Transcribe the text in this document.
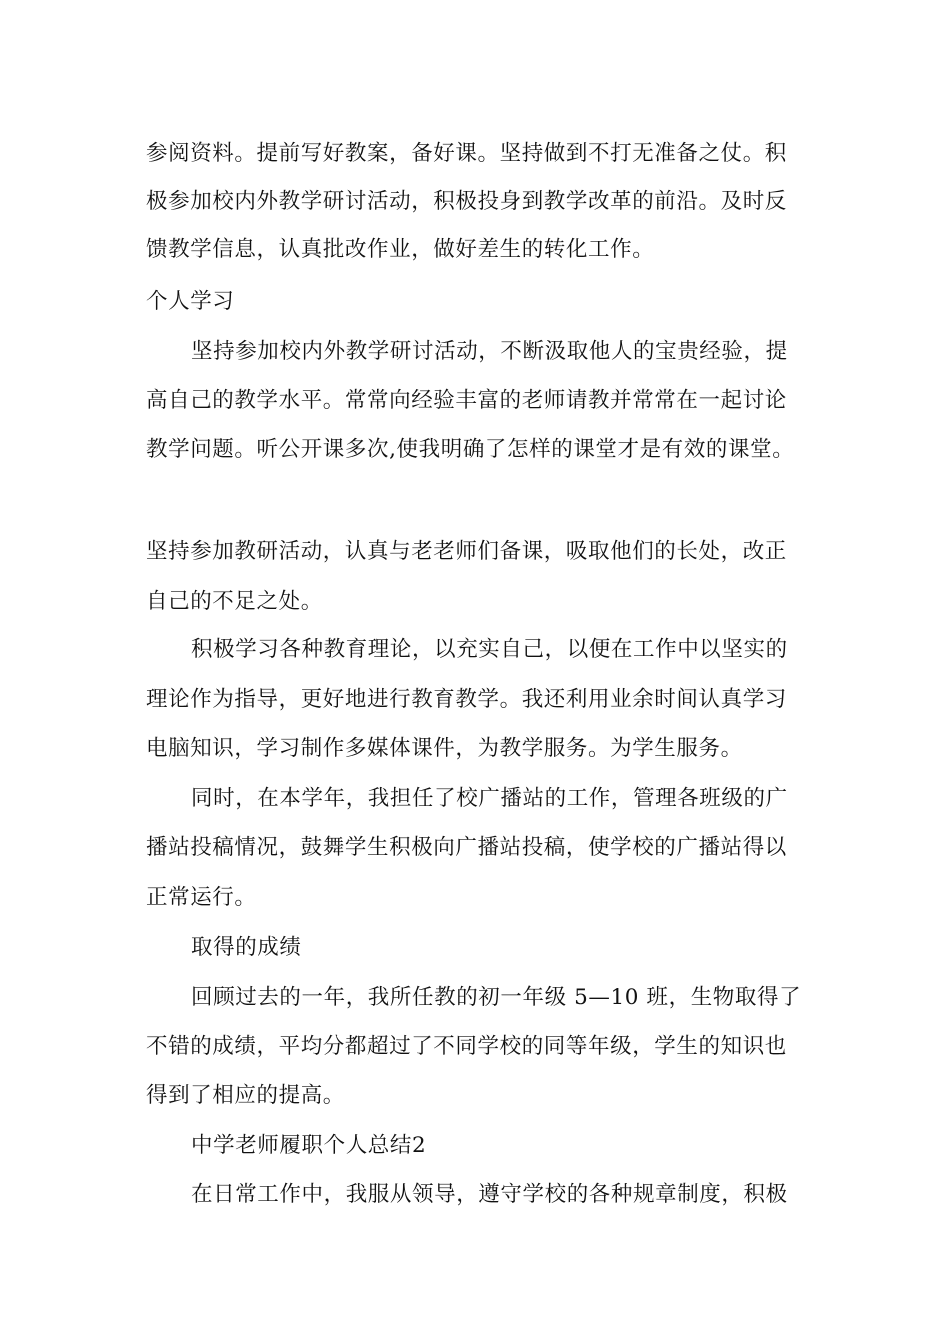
参阅资料。提前写好教案，备好课。坚持做到不打无准备之仗。积
极参加校内外教学研讨活动，积极投身到教学改革的前沿。及时反
馈教学信息，认真批改作业，做好差生的转化工作。
个人学习
坚持参加校内外教学研讨活动，不断汲取他人的宝贵经验，提
高自己的教学水平。常常向经验丰富的老师请教并常常在一起讨论
教学问题。听公开课多次,使我明确了怎样的课堂才是有效的课堂。
坚持参加教研活动，认真与老老师们备课，吸取他们的长处，改正
自己的不足之处。
积极学习各种教育理论，以充实自己，以便在工作中以坚实的
理论作为指导，更好地进行教育教学。我还利用业余时间认真学习
电脑知识，学习制作多媒体课件，为教学服务。为学生服务。
同时，在本学年，我担任了校广播站的工作，管理各班级的广
播站投稿情况，鼓舞学生积极向广播站投稿，使学校的广播站得以
正常运行。
取得的成绩
回顾过去的一年，我所任教的初一年级 5—10 班，生物取得了
不错的成绩，平均分都超过了不同学校的同等年级，学生的知识也
得到了相应的提高。
中学老师履职个人总结2
在日常工作中，我服从领导，遵守学校的各种规章制度，积极
